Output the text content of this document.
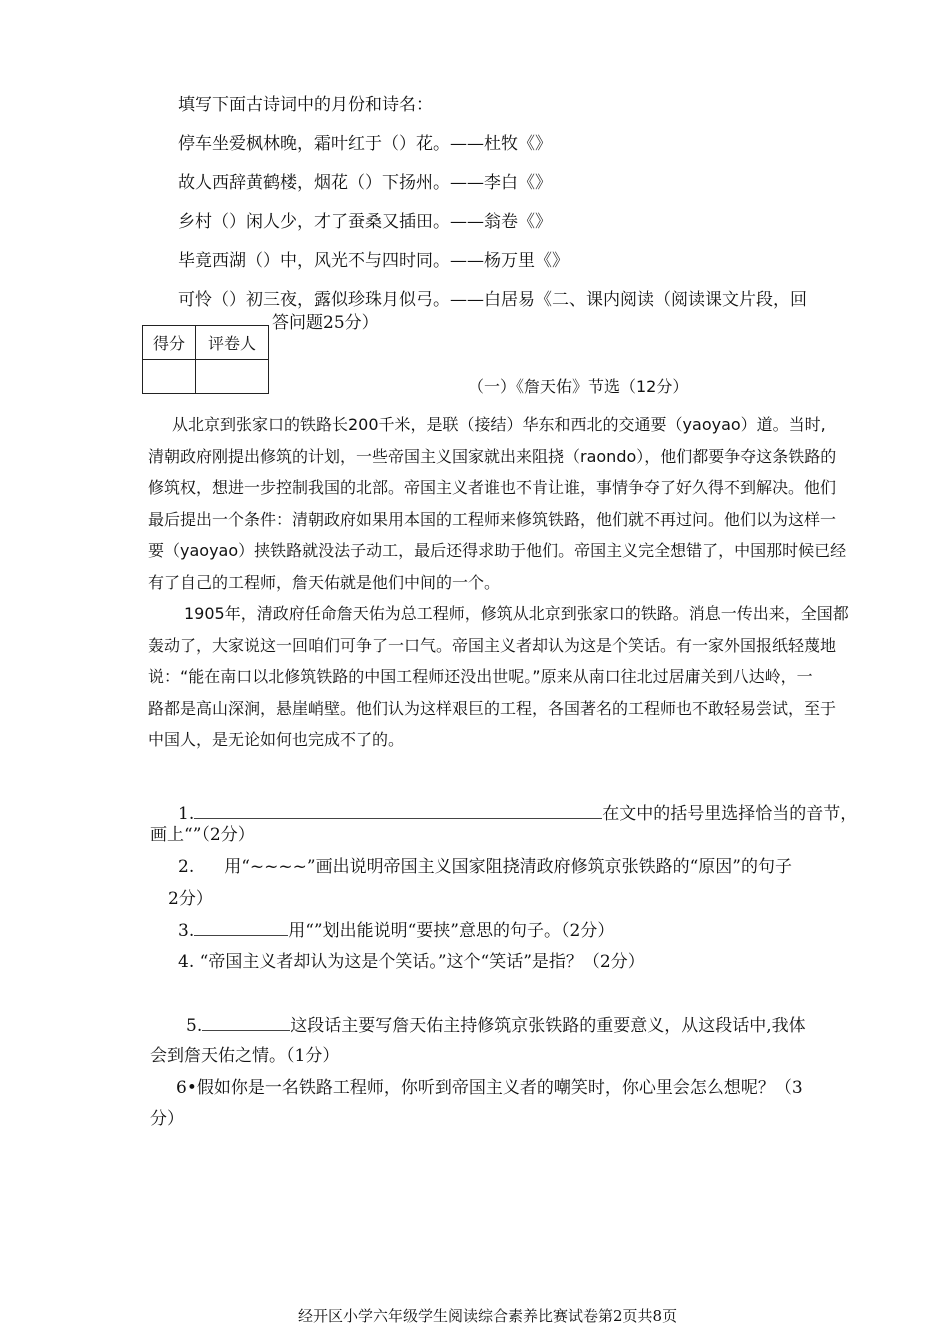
填写下面古诗词中的月份和诗名：
停车坐爱枫林晚，霜叶红于（）花。——杜牧《》
故人西辞黄鹤楼，烟花（）下扬州。——李白《》
乡村（）闲人少，才了蚕桑又插田。——翁卷《》
毕竟西湖（）中，风光不与四时同。——杨万里《》
可怜（）初三夜，露似珍珠月似弓。——白居易《二、课内阅读（阅读课文片段，回
答问题25分）
得分	评卷人

（一）《詹天佑》节选（12分）
从北京到张家口的铁路长200千米，是联（接结）华东和西北的交通要（yaoyao）道。当时,
清朝政府刚提出修筑的计划，一些帝国主义国家就出来阻挠（raondo），他们都要争夺这条铁路的
修筑权，想进一步控制我国的北部。帝国主义者谁也不肯让谁，事情争夺了好久得不到解决。他们
最后提出一个条件：清朝政府如果用本国的工程师来修筑铁路，他们就不再过问。他们以为这样一
要（yaoyao）挟铁路就没法子动工，最后还得求助于他们。帝国主义完全想错了，中国那时候已经
有了自己的工程师，詹天佑就是他们中间的一个。
1905年，清政府任命詹天佑为总工程师，修筑从北京到张家口的铁路。消息一传出来，全国都
轰动了，大家说这一回咱们可争了一口气。帝国主义者却认为这是个笑话。有一家外国报纸轻蔑地
说：“能在南口以北修筑铁路的中国工程师还没出世呢。”原来从南口往北过居庸关到八达岭，一
路都是高山深涧，悬崖峭壁。他们认为这样艰巨的工程，各国著名的工程师也不敢轻易尝试，至于
中国人，是无论如何也完成不了的。
1.	在文中的括号里选择恰当的音节，
画上“”（2分）
2. 用“~~~~”画出说明帝国主义国家阻挠清政府修筑京张铁路的“原因”的句子
2分）
3.	用“”划出能说明“要挟”意思的句子。（2分）
4. “帝国主义者却认为这是个笑话。”这个“笑话”是指？（2分）
5.	这段话主要写詹天佑主持修筑京张铁路的重要意义，从这段话中,我体
会到詹天佑之情。（1分）
6•假如你是一名铁路工程师，你听到帝国主义者的嘲笑时，你心里会怎么想呢？（3
分）
经开区小学六年级学生阅读综合素养比赛试卷第2页共8页
